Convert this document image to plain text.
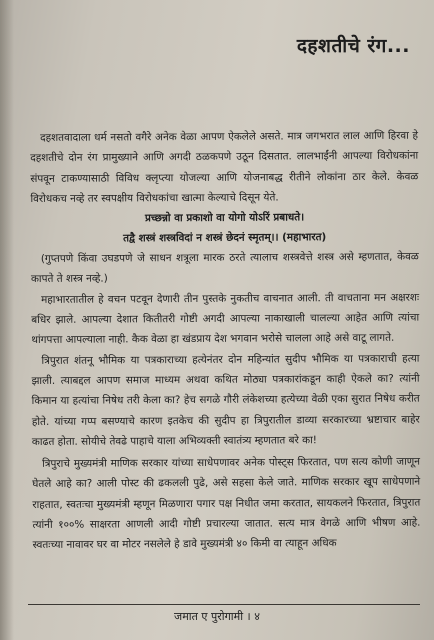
दहशतीचे रंग...

दहशतवादाला धर्म नसतो वगैरे अनेक वेळा आपण ऐकलेले असते. मात्र जगभरात लाल आणि हिरवा हे दहशतीचे दोन रंग प्रामुख्याने आणि अगदी ठळकपणे उठून दिसतात. लालभाईंनी आपल्या विरोधकांना संपवून टाकण्यासाठी विविध क्लृप्त्या योजल्या आणि योजनाबद्ध रीतीने लोकांना ठार केले. केवळ विरोधकच नव्हे तर स्वपक्षीय विरोधकांचा खात्मा केल्याचे दिसून येते.

प्रच्छन्नो वा प्रकाशो वा योगो योऽरिं प्रबाधते।
तद्वै शस्त्रं शस्त्रविदां न शस्त्रं छेदनं स्मृतम्।। (महाभारत)

(गुप्तपणे किंवा उघडपणे जे साधन शत्रूला मारक ठरते त्यालाच शस्त्रवेत्ते शस्त्र असे म्हणतात, केवळ कापते ते शस्त्र नव्हे.)

महाभारतातील हे वचन पटवून देणारी तीन पुस्तके नुकतीच वाचनात आली. ती वाचताना मन अक्षरशः बधिर झाले. आपल्या देशात कितीतरी गोष्टी अगदी आपल्या नाकाखाली चालल्या आहेत आणि त्यांचा थांगपत्ता आपल्याला नाही. कैक वेळा हा खंडप्राय देश भगवान भरोसे चालला आहे असे वाटू लागते.

त्रिपुरात शंतनू भौमिक या पत्रकाराच्या हत्येनंतर दोन महिन्यांत सुदीप भौमिक या पत्रकाराची हत्या झाली. त्याबद्दल आपण समाज माध्यम अथवा कथित मोठ्या पत्रकारांकडून काही ऐकले का? त्यांनी किमान या हत्यांचा निषेध तरी केला का? हेच सगळे गौरी लंकेशच्या हत्येच्या वेळी एका सुरात निषेध करीत होते. यांच्या गप्प बसण्याचे कारण इतकेच की सुदीप हा त्रिपुरातील डाव्या सरकारच्या भ्रष्टाचार बाहेर काढत होता. सोयीचे तेवढे पाहाचे याला अभिव्यक्ती स्वातंत्र्य म्हणतात बरे का!

त्रिपुराचे मुख्यमंत्री माणिक सरकार यांच्या साधेपणावर अनेक पोस्ट्स फिरतात, पण सत्य कोणी जाणून घेतले आहे का? आली पोस्ट की ढकलली पुढे, असे सहसा केले जाते. माणिक सरकार खूप साधेपणाने राहतात, स्वतःचा मुख्यमंत्री म्हणून मिळणारा पगार पक्ष निधीत जमा करतात, सायकलने फिरतात, त्रिपुरात त्यांनी १००% साक्षरता आणली आदी गोष्टी प्रचारल्या जातात. सत्य मात्र वेगळे आणि भीषण आहे. स्वतःच्या नावावर घर वा मोटर नसलेले हे डावे मुख्यमंत्री ४० किमी वा त्याहून अधिक

जमात ए पुरोगामी । ४
